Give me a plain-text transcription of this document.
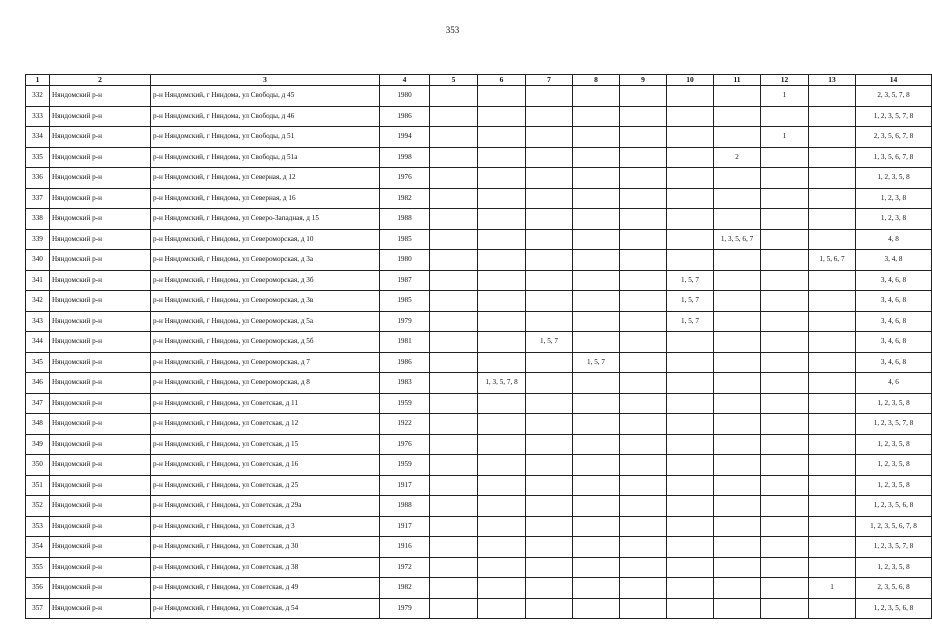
353
1	2	3	4	5	6	7	8	9	10	11	12	13	14
332	Няндомский р-н	р-н Няндомский, г Няндома, ул Свободы, д 45	1980								1		2, 3, 5, 7, 8
333	Няндомский р-н	р-н Няндомский, г Няндома, ул Свободы, д 46	1986										1, 2, 3, 5, 7, 8
334	Няндомский р-н	р-н Няндомский, г Няндома, ул Свободы, д 51	1994								1		2, 3, 5, 6, 7, 8
335	Няндомский р-н	р-н Няндомский, г Няндома, ул Свободы, д 51а	1998							2			1, 3, 5, 6, 7, 8
336	Няндомский р-н	р-н Няндомский, г Няндома, ул Северная, д 12	1976										1, 2, 3, 5, 8
337	Няндомский р-н	р-н Няндомский, г Няндома, ул Северная, д 16	1982										1, 2, 3, 8
338	Няндомский р-н	р-н Няндомский, г Няндома, ул Северо-Западная, д 15	1988										1, 2, 3, 8
339	Няндомский р-н	р-н Няндомский, г Няндома, ул Североморская, д 10	1985							1, 3, 5, 6, 7			4, 8
340	Няндомский р-н	р-н Няндомский, г Няндома, ул Североморская, д 3а	1980									1, 5, 6, 7	3, 4, 8
341	Няндомский р-н	р-н Няндомский, г Няндома, ул Североморская, д 3б	1987						1, 5, 7				3, 4, 6, 8
342	Няндомский р-н	р-н Няндомский, г Няндома, ул Североморская, д 3в	1985						1, 5, 7				3, 4, 6, 8
343	Няндомский р-н	р-н Няндомский, г Няндома, ул Североморская, д 5а	1979						1, 5, 7				3, 4, 6, 8
344	Няндомский р-н	р-н Няндомский, г Няндома, ул Североморская, д 5б	1981			1, 5, 7							3, 4, 6, 8
345	Няндомский р-н	р-н Няндомский, г Няндома, ул Североморская, д 7	1986				1, 5, 7						3, 4, 6, 8
346	Няндомский р-н	р-н Няндомский, г Няндома, ул Североморская, д 8	1983		1, 3, 5, 7, 8								4, 6
347	Няндомский р-н	р-н Няндомский, г Няндома, ул Советская, д 11	1959										1, 2, 3, 5, 8
348	Няндомский р-н	р-н Няндомский, г Няндома, ул Советская, д 12	1922										1, 2, 3, 5, 7, 8
349	Няндомский р-н	р-н Няндомский, г Няндома, ул Советская, д 15	1976										1, 2, 3, 5, 8
350	Няндомский р-н	р-н Няндомский, г Няндома, ул Советская, д 16	1959										1, 2, 3, 5, 8
351	Няндомский р-н	р-н Няндомский, г Няндома, ул Советская, д 25	1917										1, 2, 3, 5, 8
352	Няндомский р-н	р-н Няндомский, г Няндома, ул Советская, д 29а	1988										1, 2, 3, 5, 6, 8
353	Няндомский р-н	р-н Няндомский, г Няндома, ул Советская, д 3	1917										1, 2, 3, 5, 6, 7, 8
354	Няндомский р-н	р-н Няндомский, г Няндома, ул Советская, д 30	1916										1, 2, 3, 5, 7, 8
355	Няндомский р-н	р-н Няндомский, г Няндома, ул Советская, д 38	1972										1, 2, 3, 5, 8
356	Няндомский р-н	р-н Няндомский, г Няндома, ул Советская, д 49	1982									1	2, 3, 5, 6, 8
357	Няндомский р-н	р-н Няндомский, г Няндома, ул Советская, д 54	1979										1, 2, 3, 5, 6, 8
